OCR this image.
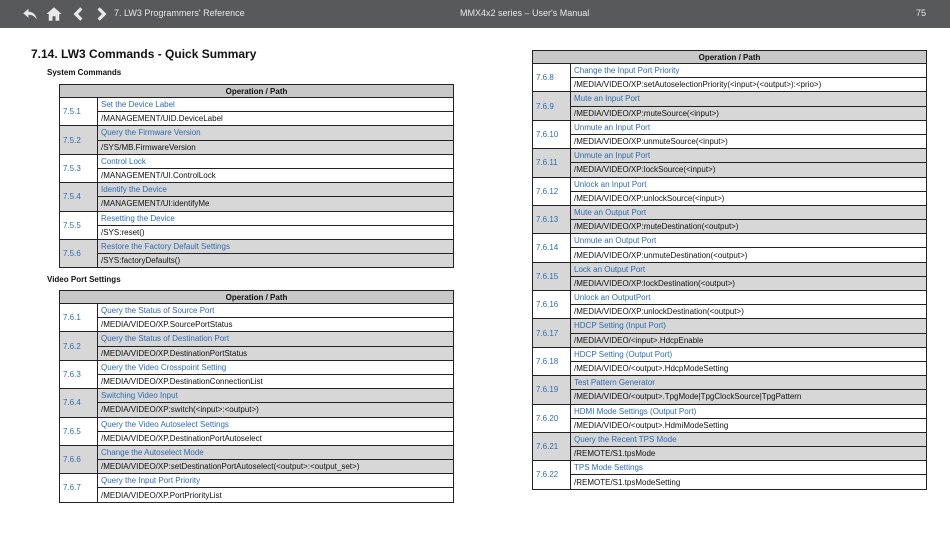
7. LW3 Programmers' Reference	MMX4x2 series – User's Manual	75
7.14. LW3 Commands - Quick Summary
System Commands
Operation / Path	
7.5.1	Set the Device Label
	/MANAGEMENT/UID.DeviceLabel
7.5.2	Query the Firmware Version
	/SYS/MB.FirmwareVersion
7.5.3	Control Lock
	/MANAGEMENT/UI.ControlLock
7.5.4	Identify the Device
	/MANAGEMENT/UI:identifyMe
7.5.5	Resetting the Device
	/SYS:reset()
7.5.6	Restore the Factory Default Settings
	/SYS:factoryDefaults()
Video Port Settings
Operation / Path	
7.6.1	Query the Status of Source Port
	/MEDIA/VIDEO/XP.SourcePortStatus
7.6.2	Query the Status of Destination Port
	/MEDIA/VIDEO/XP.DestinationPortStatus
7.6.3	Query the Video Crosspoint Setting
	/MEDIA/VIDEO/XP.DestinationConnectionList
7.6.4	Switching Video Input
	/MEDIA/VIDEO/XP:switch(<input>:<output>)
7.6.5	Query the Video Autoselect Settings
	/MEDIA/VIDEO/XP.DestinationPortAutoselect
7.6.6	Change the Autoselect Mode
	/MEDIA/VIDEO/XP:setDestinationPortAutoselect(<output>:<output_set>)
7.6.7	Query the Input Port Priority
	/MEDIA/VIDEO/XP.PortPriorityList
Operation / Path	
7.6.8	Change the Input Port Priority
	/MEDIA/VIDEO/XP:setAutoselectionPriority(<input>(<output>):<prio>)
7.6.9	Mute an Input Port
	/MEDIA/VIDEO/XP:muteSource(<input>)
7.6.10	Unmute an Input Port
	/MEDIA/VIDEO/XP:unmuteSource(<input>)
7.6.11	Unmute an Input Port
	/MEDIA/VIDEO/XP:lockSource(<input>)
7.6.12	Unlock an Input Port
	/MEDIA/VIDEO/XP:unlockSource(<input>)
7.6.13	Mute an Output Port
	/MEDIA/VIDEO/XP:muteDestination(<output>)
7.6.14	Unmute an Output Port
	/MEDIA/VIDEO/XP:unmuteDestination(<output>)
7.6.15	Lock an Output Port
	/MEDIA/VIDEO/XP:lockDestination(<output>)
7.6.16	Unlock an OutputPort
	/MEDIA/VIDEO/XP:unlockDestination(<output>)
7.6.17	HDCP Setting (Input Port)
	/MEDIA/VIDEO/<input>.HdcpEnable
7.6.18	HDCP Setting (Output Port)
	/MEDIA/VIDEO/<output>.HdcpModeSetting
7.6.19	Test Pattern Generator
	/MEDIA/VIDEO/<output>.TpgMode|TpgClockSource|TpgPattern
7.6.20	HDMI Mode Settings (Output Port)
	/MEDIA/VIDEO/<output>.HdmiModeSetting
7.6.21	Query the Recent TPS Mode
	/REMOTE/S1.tpsMode
7.6.22	TPS Mode Settings
	/REMOTE/S1.tpsModeSetting
